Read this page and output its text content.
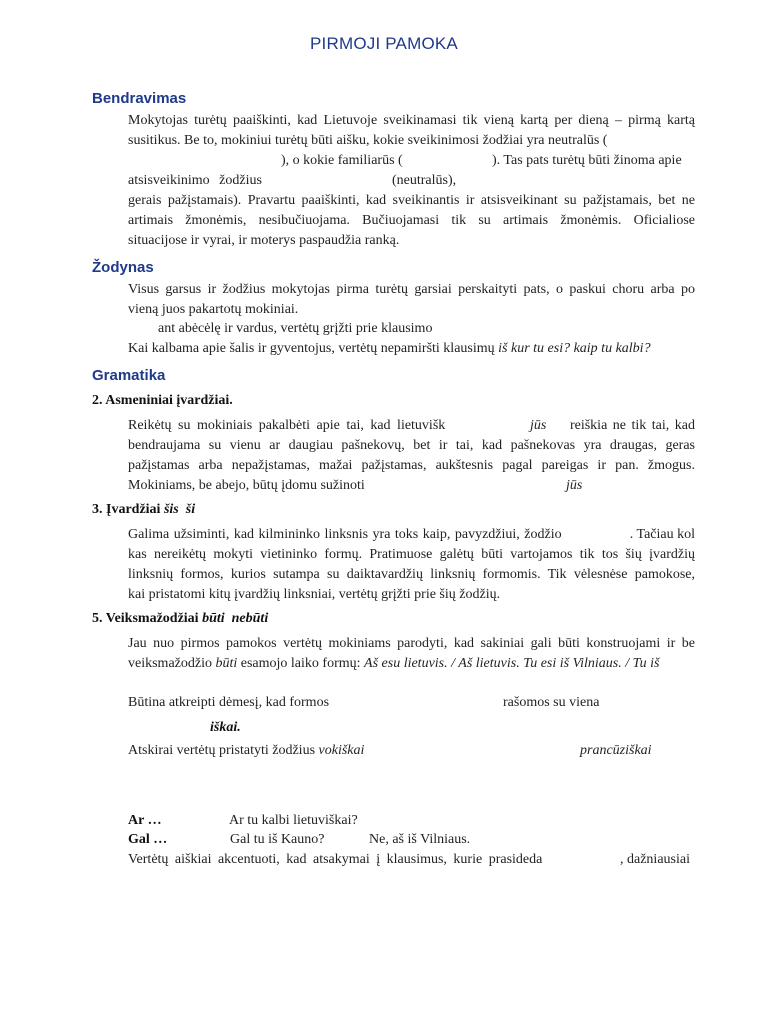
PIRMOJI PAMOKA
Bendravimas
Mokytojas turėtų paaiškinti, kad Lietuvoje sveikinamasi tik vieną kartą per dieną – pirmą kartą
susitikus. Be to, mokiniui turėtų būti aišku, kokie sveikinimosi žodžiai yra neutralūs (
), o kokie familiarūs (	). Tas pats turėtų būti žinoma apie
atsisveikinimo žodžius	(neutralūs),
gerais pažįstamais). Pravartu paaiškinti, kad sveikinantis ir atsisveikinant su pažįstamais, bet ne
artimais žmonėmis, nesibučiuojama. Bučiuojamasi tik su artimais žmonėmis. Oficialiose
situacijose ir vyrai, ir moterys paspaudžia ranką.
Žodynas
Visus garsus ir žodžius mokytojas pirma turėtų garsiai perskaityti pats, o paskui choru arba po
vieną juos pakartotų mokiniai.
ant abėcėlę ir vardus, vertėtų grįžti prie klausimo
Kai kalbama apie šalis ir gyventojus, vertėtų nepamiršti klausimų iš kur tu esi? kaip tu kalbi?
Gramatika
2. Asmeniniai įvardžiai.
Reikėtų su mokiniais pakalbėti apie tai, kad lietuvišk	jūs reiškia ne tik tai, kad
bendraujama su vienu ar daugiau pašnekovų, bet ir tai, kad pašnekovas yra draugas, geras
pažįstamas arba nepažįstamas, mažai pažįstamas, aukštesnis pagal pareigas ir pan. žmogus.
Mokiniams, be abejo, būtų įdomu sužinoti	jūs
3. Įvardžiai šis  ši
Galima užsiminti, kad kilmininko linksnis yra toks kaip, pavyzdžiui, žodžio	. Tačiau kol
kas nereikėtų mokyti vietininko formų. Pratimuose galėtų būti vartojamos tik tos šių įvardžių
linksnių formos, kurios sutampa su daiktavardžių linksnių formomis. Tik vėlesnėse pamokose,
kai pristatomi kitų įvardžių linksniai, vertėtų grįžti prie šių žodžių.
5. Veiksmažodžiai būti  nebūti
Jau nuo pirmos pamokos vertėtų mokiniams parodyti, kad sakiniai gali būti konstruojami ir be
veiksmažodžio būti esamojo laiko formų: Aš esu lietuvis. / Aš lietuvis. Tu esi iš Vilniaus. / Tu iš
Būtina atkreipti dėmesį, kad formos	rašomos su viena
iškai.
Atskirai vertėtų pristatyti žodžius vokiškai	prancūziškai
Ar …	Ar tu kalbi lietuviškai?
Gal …	Gal tu iš Kauno?	Ne, aš iš Vilniaus.
Vertėtų aiškiai akcentuoti, kad atsakymai į klausimus, kurie prasideda	, dažniausiai
